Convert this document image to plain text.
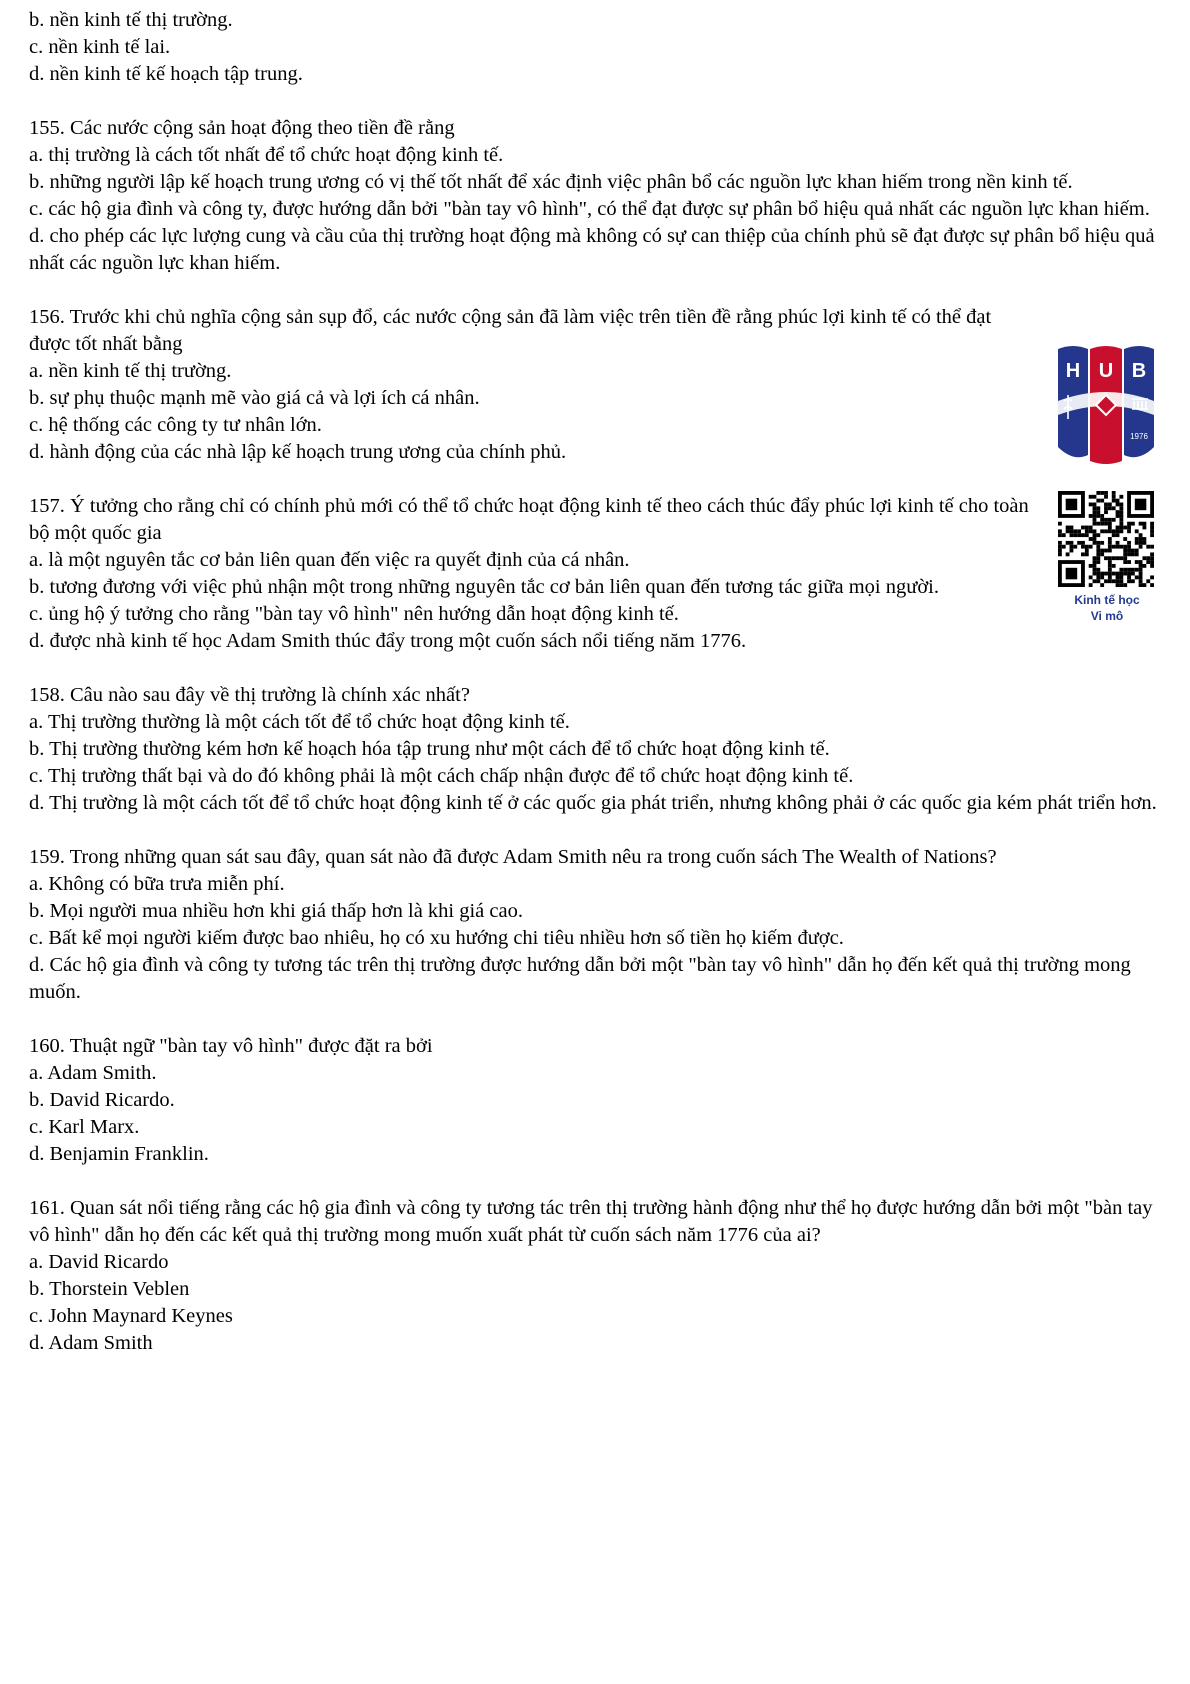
b. nền kinh tế thị trường.
c. nền kinh tế lai.
d. nền kinh tế kế hoạch tập trung.
155. Các nước cộng sản hoạt động theo tiền đề rằng
a. thị trường là cách tốt nhất để tổ chức hoạt động kinh tế.
b. những người lập kế hoạch trung ương có vị thế tốt nhất để xác định việc phân bổ các nguồn lực khan hiếm trong nền kinh tế.
c. các hộ gia đình và công ty, được hướng dẫn bởi "bàn tay vô hình", có thể đạt được sự phân bổ hiệu quả nhất các nguồn lực khan hiếm.
d. cho phép các lực lượng cung và cầu của thị trường hoạt động mà không có sự can thiệp của chính phủ sẽ đạt được sự phân bổ hiệu quả nhất các nguồn lực khan hiếm.
156. Trước khi chủ nghĩa cộng sản sụp đổ, các nước cộng sản đã làm việc trên tiền đề rằng phúc lợi kinh tế có thể đạt được tốt nhất bằng
a. nền kinh tế thị trường.
b. sự phụ thuộc mạnh mẽ vào giá cả và lợi ích cá nhân.
c. hệ thống các công ty tư nhân lớn.
d. hành động của các nhà lập kế hoạch trung ương của chính phủ.
157. Ý tưởng cho rằng chỉ có chính phủ mới có thể tổ chức hoạt động kinh tế theo cách thúc đẩy phúc lợi kinh tế cho toàn bộ một quốc gia
a. là một nguyên tắc cơ bản liên quan đến việc ra quyết định của cá nhân.
b. tương đương với việc phủ nhận một trong những nguyên tắc cơ bản liên quan đến tương tác giữa mọi người.
c. ủng hộ ý tưởng cho rằng "bàn tay vô hình" nên hướng dẫn hoạt động kinh tế.
d. được nhà kinh tế học Adam Smith thúc đẩy trong một cuốn sách nổi tiếng năm 1776.
158. Câu nào sau đây về thị trường là chính xác nhất?
a. Thị trường thường là một cách tốt để tổ chức hoạt động kinh tế.
b. Thị trường thường kém hơn kế hoạch hóa tập trung như một cách để tổ chức hoạt động kinh tế.
c. Thị trường thất bại và do đó không phải là một cách chấp nhận được để tổ chức hoạt động kinh tế.
d. Thị trường là một cách tốt để tổ chức hoạt động kinh tế ở các quốc gia phát triển, nhưng không phải ở các quốc gia kém phát triển hơn.
159. Trong những quan sát sau đây, quan sát nào đã được Adam Smith nêu ra trong cuốn sách The Wealth of Nations?
a. Không có bữa trưa miễn phí.
b. Mọi người mua nhiều hơn khi giá thấp hơn là khi giá cao.
c. Bất kể mọi người kiếm được bao nhiêu, họ có xu hướng chi tiêu nhiều hơn số tiền họ kiếm được.
d. Các hộ gia đình và công ty tương tác trên thị trường được hướng dẫn bởi một "bàn tay vô hình" dẫn họ đến kết quả thị trường mong muốn.
160. Thuật ngữ "bàn tay vô hình" được đặt ra bởi
a. Adam Smith.
b. David Ricardo.
c. Karl Marx.
d. Benjamin Franklin.
161. Quan sát nổi tiếng rằng các hộ gia đình và công ty tương tác trên thị trường hành động như thể họ được hướng dẫn bởi một "bàn tay vô hình" dẫn họ đến các kết quả thị trường mong muốn xuất phát từ cuốn sách năm 1776 của ai?
a. David Ricardo
b. Thorstein Veblen
c. John Maynard Keynes
d. Adam Smith
H U B
1976
Kinh tế học
Vi mô
